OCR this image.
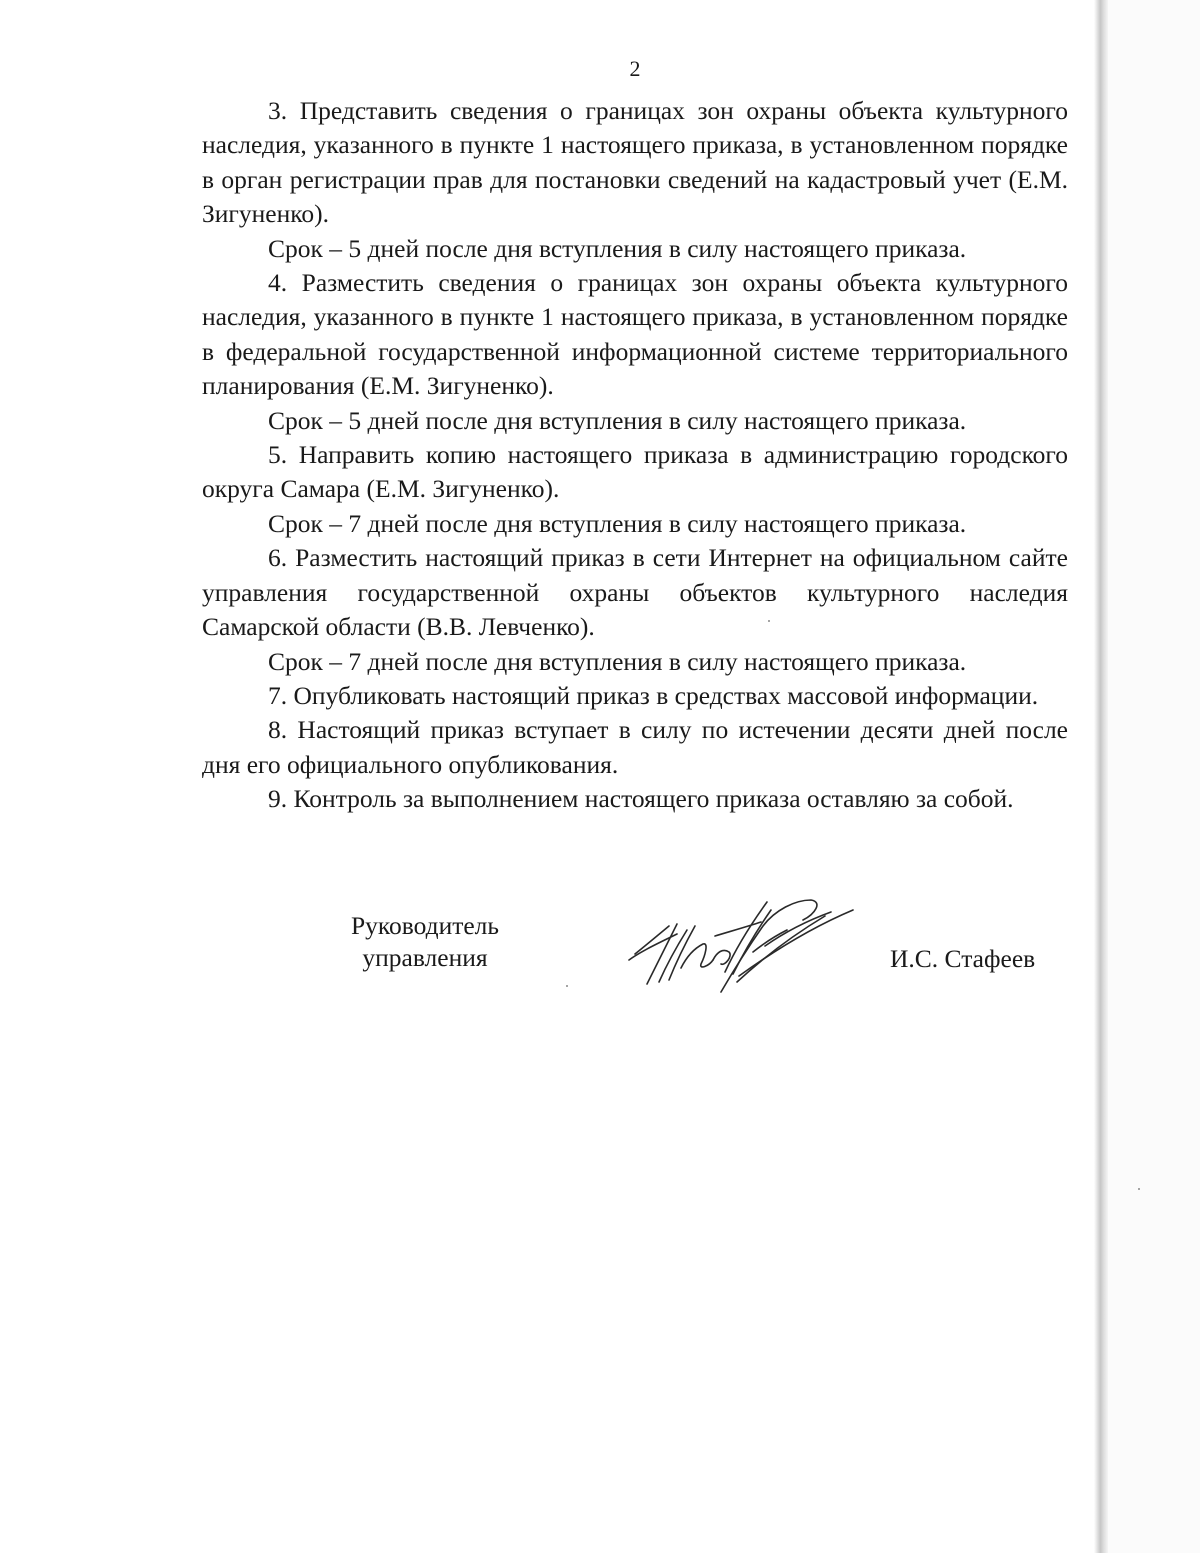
2

3. Представить сведения о границах зон охраны объекта культурного наследия, указанного в пункте 1 настоящего приказа, в установленном порядке в орган регистрации прав для постановки сведений на кадастровый учет (Е.М. Зигуненко).

Срок – 5 дней после дня вступления в силу настоящего приказа.

4. Разместить сведения о границах зон охраны объекта культурного наследия, указанного в пункте 1 настоящего приказа, в установленном порядке в федеральной государственной информационной системе территориального планирования (Е.М. Зигуненко).

Срок – 5 дней после дня вступления в силу настоящего приказа.

5. Направить копию настоящего приказа в администрацию городского округа Самара (Е.М. Зигуненко).

Срок – 7 дней после дня вступления в силу настоящего приказа.

6. Разместить настоящий приказ в сети Интернет на официальном сайте управления государственной охраны объектов культурного наследия Самарской области (В.В. Левченко).

Срок – 7 дней после дня вступления в силу настоящего приказа.

7. Опубликовать настоящий приказ в средствах массовой информации.

8. Настоящий приказ вступает в силу по истечении десяти дней после дня его официального опубликования.

9. Контроль за выполнением настоящего приказа оставляю за собой.

Руководитель
управления	И.С. Стафеев
